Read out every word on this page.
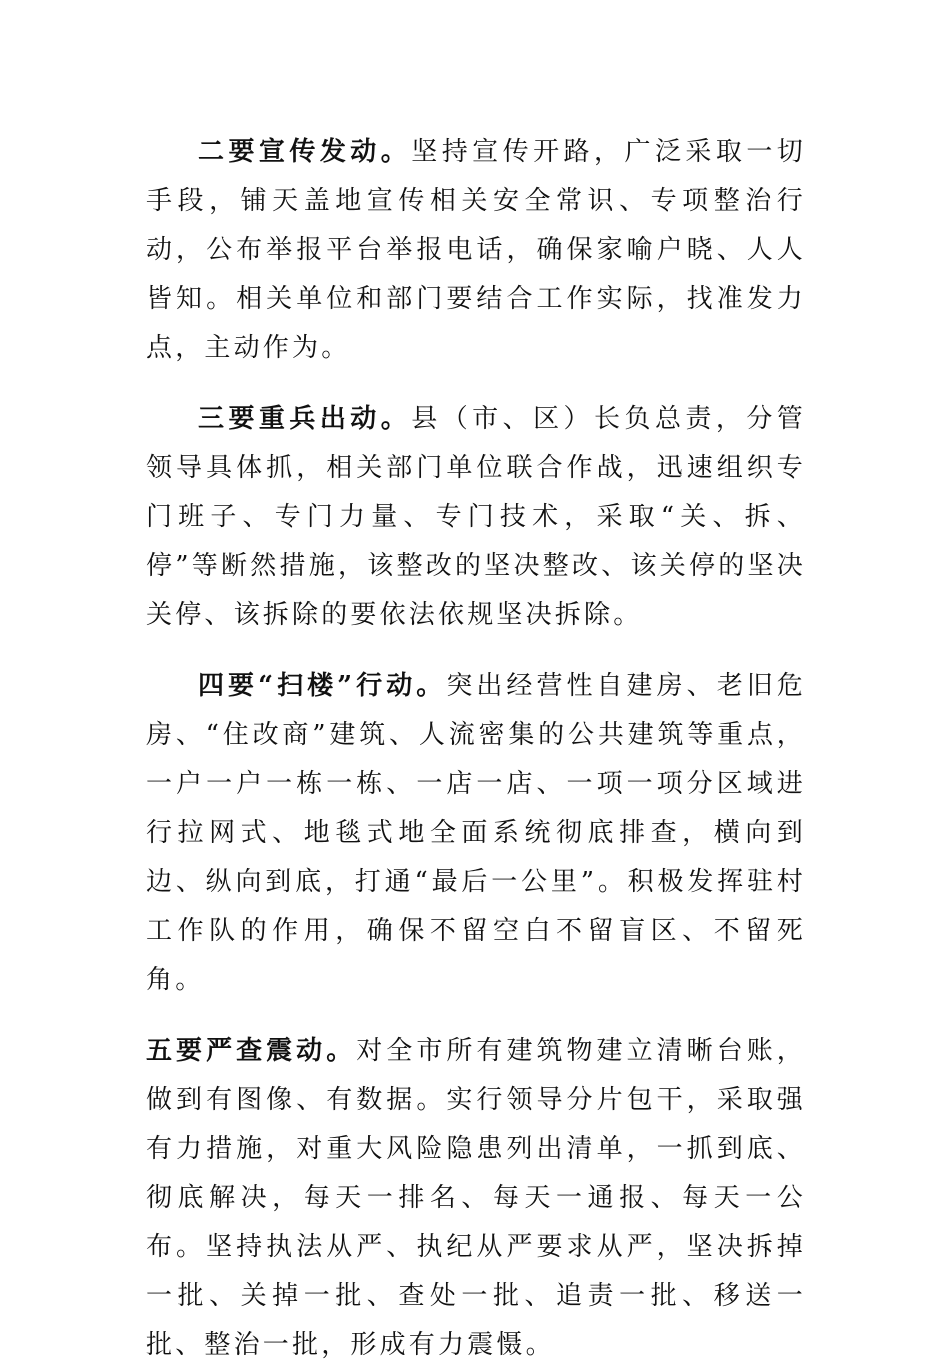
二要宣传发动。坚持宣传开路，广泛采取一切手段，铺天盖地宣传相关安全常识、专项整治行动，公布举报平台举报电话，确保家喻户晓、人人皆知。相关单位和部门要结合工作实际，找准发力点，主动作为。

三要重兵出动。县（市、区）长负总责，分管领导具体抓，相关部门单位联合作战，迅速组织专门班子、专门力量、专门技术，采取“关、拆、停”等断然措施，该整改的坚决整改、该关停的坚决关停、该拆除的要依法依规坚决拆除。

四要“扫楼”行动。突出经营性自建房、老旧危房、“住改商”建筑、人流密集的公共建筑等重点，一户一户一栋一栋、一店一店、一项一项分区域进行拉网式、地毯式地全面系统彻底排查，横向到边、纵向到底，打通“最后一公里”。积极发挥驻村工作队的作用，确保不留空白不留盲区、不留死角。

五要严查震动。对全市所有建筑物建立清晰台账，做到有图像、有数据。实行领导分片包干，采取强有力措施，对重大风险隐患列出清单，一抓到底、彻底解决，每天一排名、每天一通报、每天一公布。坚持执法从严、执纪从严要求从严，坚决拆掉一批、关掉一批、查处一批、追责一批、移送一批、整治一批，形成有力震慑。
